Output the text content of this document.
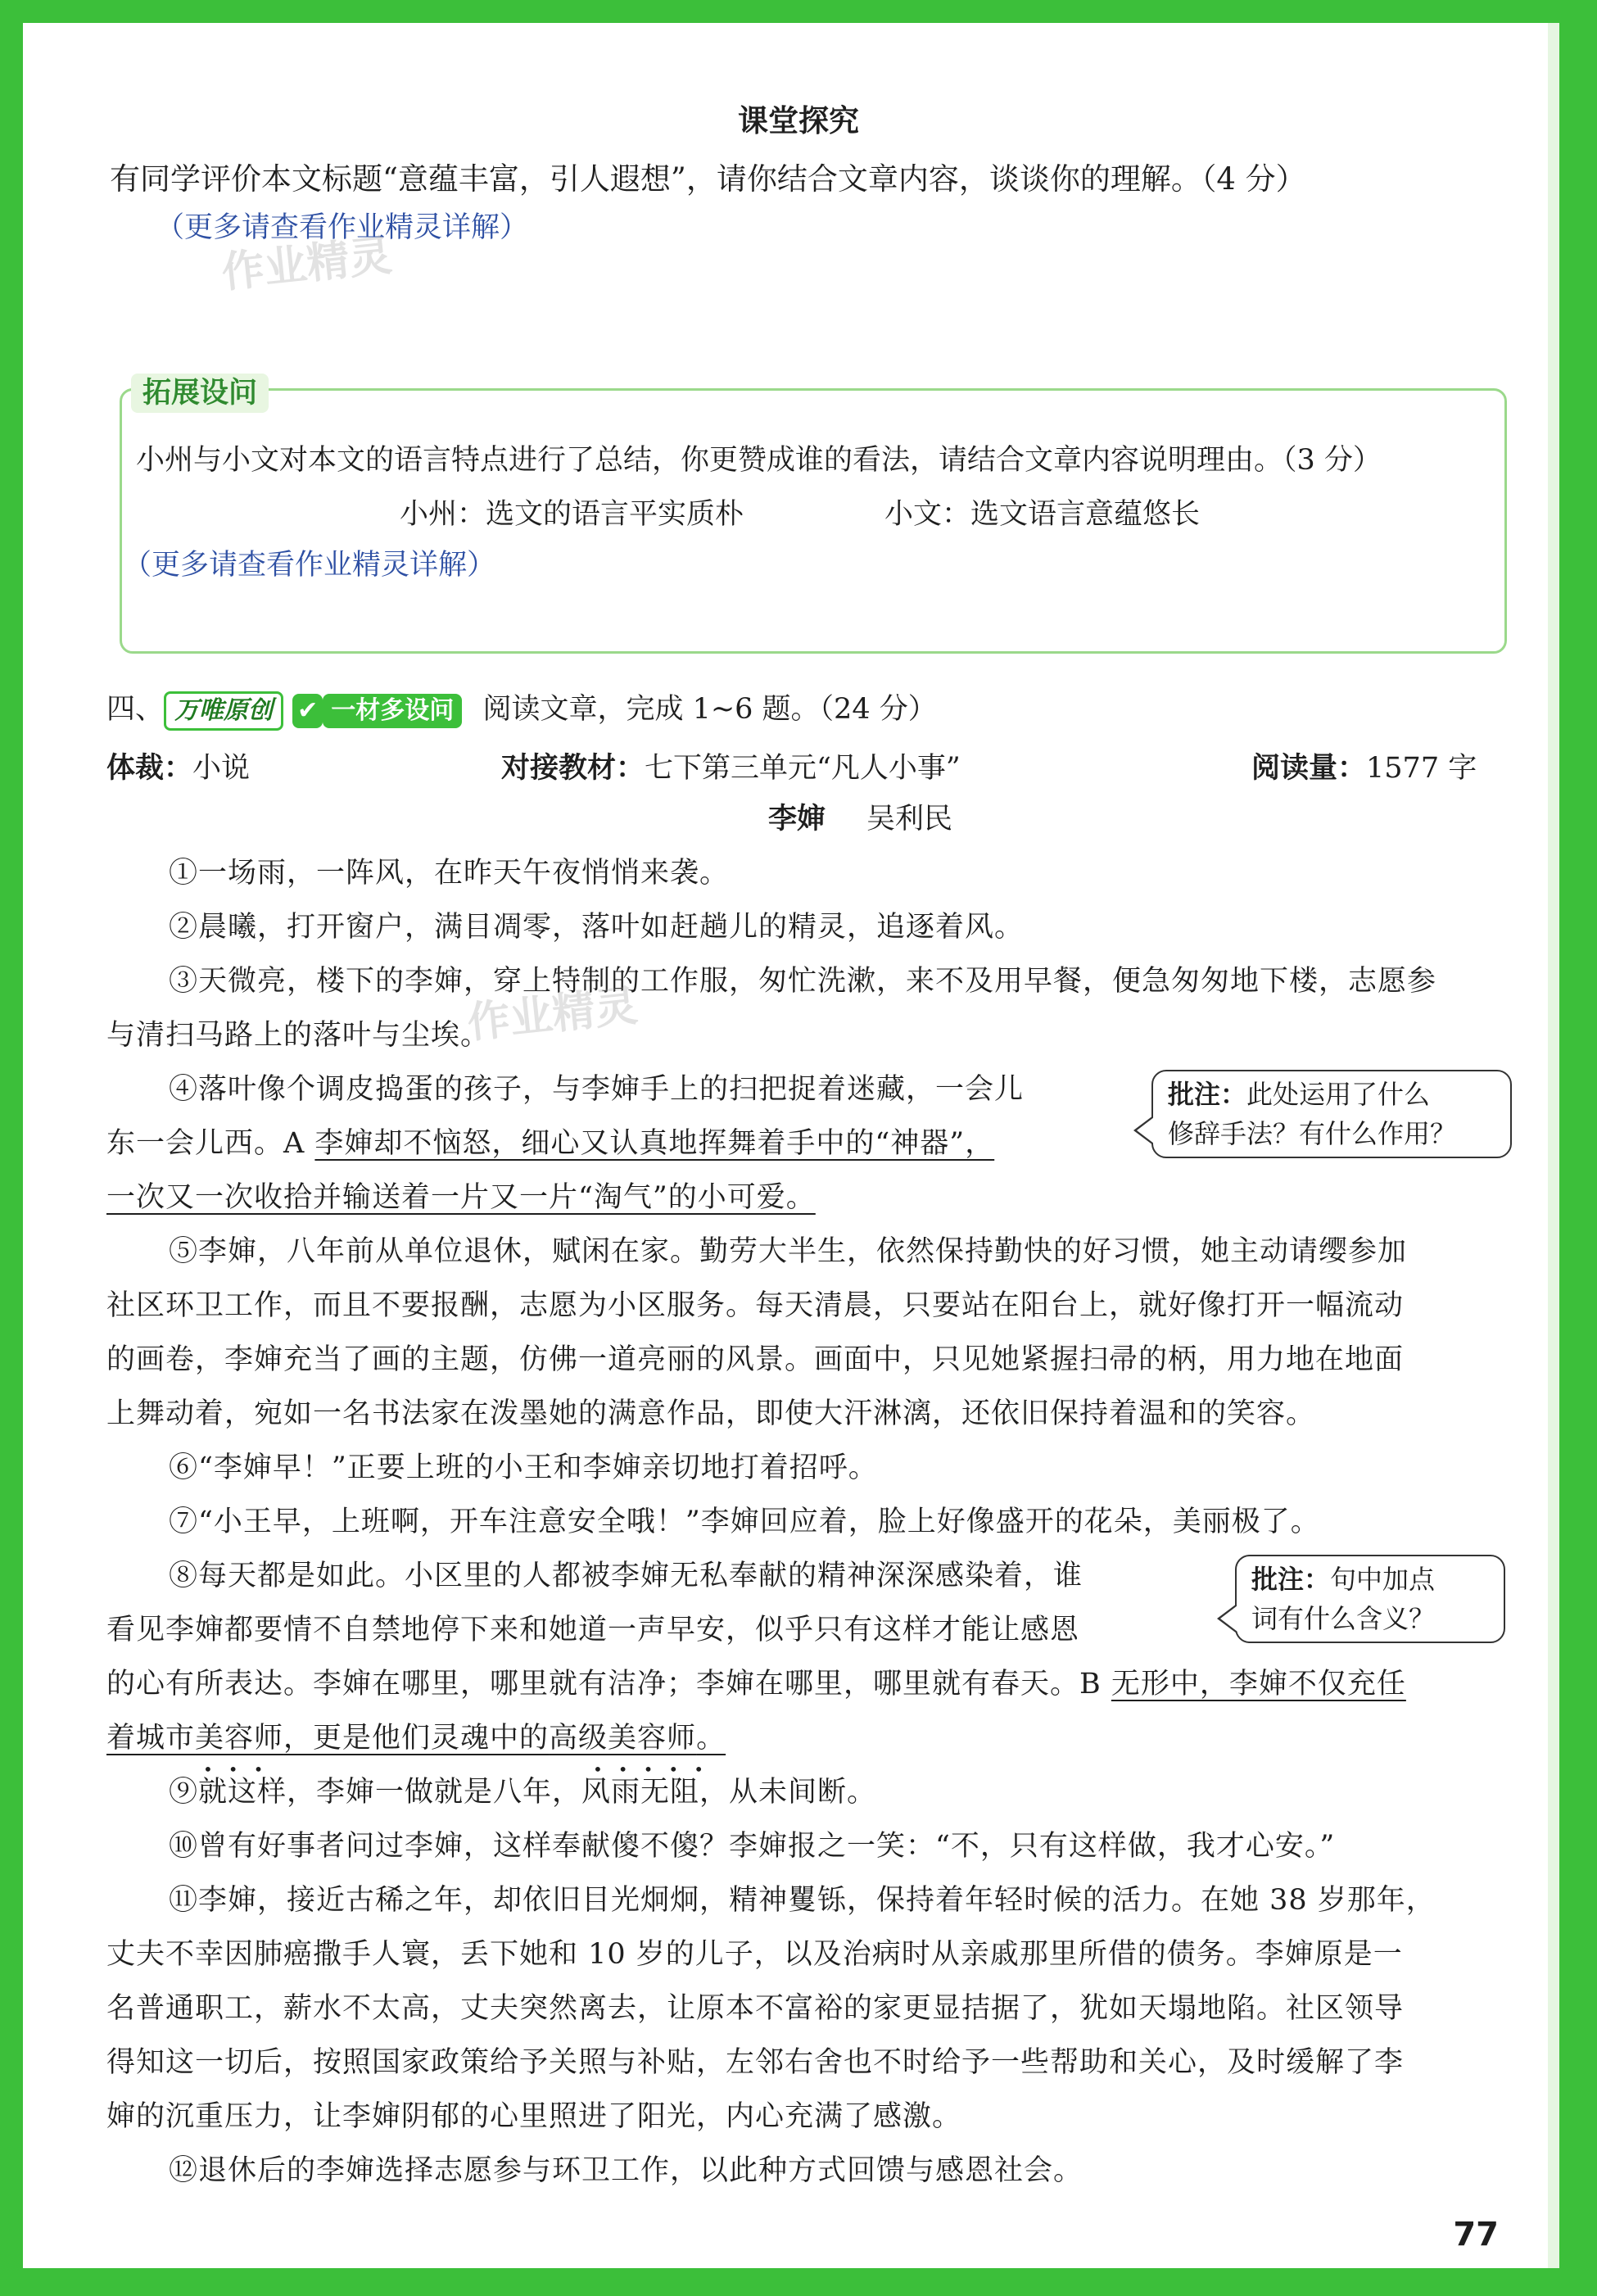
课堂探究
有同学评价本文标题“意蕴丰富，引人遐想”，请你结合文章内容，谈谈你的理解。（4 分）
（更多请查看作业精灵详解）
作业精灵
拓展设问
小州与小文对本文的语言特点进行了总结，你更赞成谁的看法，请结合文章内容说明理由。（3 分）
小州：选文的语言平实质朴	小文：选文语言意蕴悠长
（更多请查看作业精灵详解）
四、 万唯原创 ✔ 一材多设问 阅读文章，完成 1~6 题。（24 分）
体裁：小说	对接教材：七下第三单元“凡人小事”	阅读量：1577 字
李婶 吴利民
①一场雨，一阵风，在昨天午夜悄悄来袭。
②晨曦，打开窗户，满目凋零，落叶如赶趟儿的精灵，追逐着风。
③天微亮，楼下的李婶，穿上特制的工作服，匆忙洗漱，来不及用早餐，便急匆匆地下楼，志愿参
与清扫马路上的落叶与尘埃。
作业精灵
④落叶像个调皮捣蛋的孩子，与李婶手上的扫把捉着迷藏，一会儿
东一会儿西。A 李婶却不恼怒，细心又认真地挥舞着手中的“神器”，
一次又一次收拾并输送着一片又一片“淘气”的小可爱。
批注：此处运用了什么
修辞手法？有什么作用？
⑤李婶，八年前从单位退休，赋闲在家。勤劳大半生，依然保持勤快的好习惯，她主动请缨参加
社区环卫工作，而且不要报酬，志愿为小区服务。每天清晨，只要站在阳台上，就好像打开一幅流动
的画卷，李婶充当了画的主题，仿佛一道亮丽的风景。画面中，只见她紧握扫帚的柄，用力地在地面
上舞动着，宛如一名书法家在泼墨她的满意作品，即使大汗淋漓，还依旧保持着温和的笑容。
⑥“李婶早！”正要上班的小王和李婶亲切地打着招呼。
⑦“小王早，上班啊，开车注意安全哦！”李婶回应着，脸上好像盛开的花朵，美丽极了。
⑧每天都是如此。小区里的人都被李婶无私奉献的精神深深感染着，谁
看见李婶都要情不自禁地停下来和她道一声早安，似乎只有这样才能让感恩
的心有所表达。李婶在哪里，哪里就有洁净；李婶在哪里，哪里就有春天。B 无形中，李婶不仅充任
着城市美容师，更是他们灵魂中的高级美容师。
•••	•••••
批注：句中加点
词有什么含义？
⑨就这样，李婶一做就是八年，风雨无阻，从未间断。
⑩曾有好事者问过李婶，这样奉献傻不傻？李婶报之一笑：“不，只有这样做，我才心安。”
⑪李婶，接近古稀之年，却依旧目光炯炯，精神矍铄，保持着年轻时候的活力。在她 38 岁那年，
丈夫不幸因肺癌撒手人寰，丢下她和 10 岁的儿子，以及治病时从亲戚那里所借的债务。李婶原是一
名普通职工，薪水不太高，丈夫突然离去，让原本不富裕的家更显拮据了，犹如天塌地陷。社区领导
得知这一切后，按照国家政策给予关照与补贴，左邻右舍也不时给予一些帮助和关心，及时缓解了李
婶的沉重压力，让李婶阴郁的心里照进了阳光，内心充满了感激。
⑫退休后的李婶选择志愿参与环卫工作，以此种方式回馈与感恩社会。
77
